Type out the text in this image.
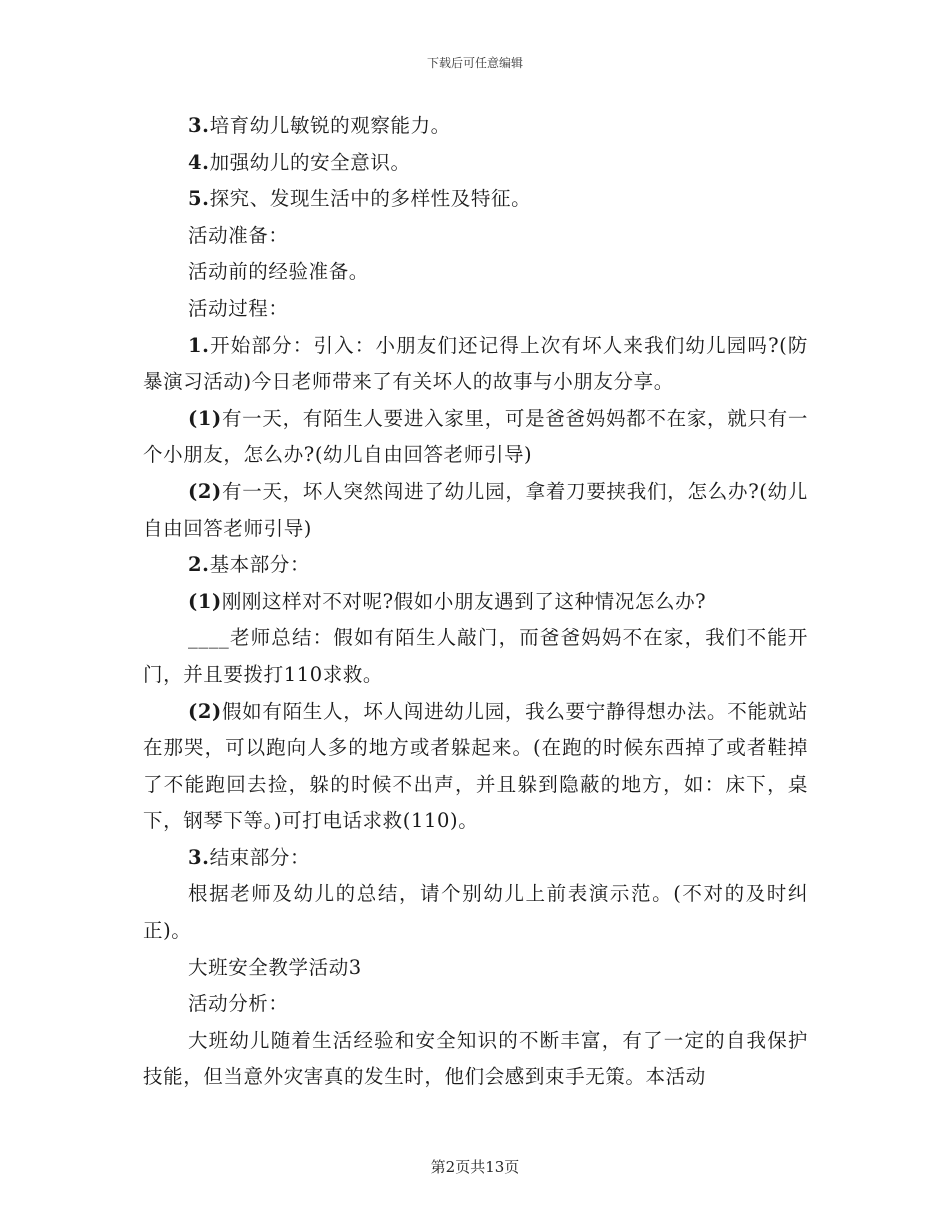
下载后可任意编辑

3.培育幼儿敏锐的观察能力。

4.加强幼儿的安全意识。

5.探究、发现生活中的多样性及特征。

活动准备：

活动前的经验准备。

活动过程：

1.开始部分：引入：小朋友们还记得上次有坏人来我们幼儿园吗?(防暴演习活动)今日老师带来了有关坏人的故事与小朋友分享。

(1)有一天，有陌生人要进入家里，可是爸爸妈妈都不在家，就只有一个小朋友，怎么办?(幼儿自由回答老师引导)

(2)有一天，坏人突然闯进了幼儿园，拿着刀要挟我们，怎么办?(幼儿自由回答老师引导)

2.基本部分：

(1)刚刚这样对不对呢?假如小朋友遇到了这种情况怎么办?

____老师总结：假如有陌生人敲门，而爸爸妈妈不在家，我们不能开门，并且要拨打110求救。

(2)假如有陌生人，坏人闯进幼儿园，我么要宁静得想办法。不能就站在那哭，可以跑向人多的地方或者躲起来。(在跑的时候东西掉了或者鞋掉了不能跑回去捡，躲的时候不出声，并且躲到隐蔽的地方，如：床下，桌下，钢琴下等。)可打电话求救(110)。

3.结束部分：

根据老师及幼儿的总结，请个别幼儿上前表演示范。(不对的及时纠正)。

大班安全教学活动3

活动分析：

大班幼儿随着生活经验和安全知识的不断丰富，有了一定的自我保护技能，但当意外灾害真的发生时，他们会感到束手无策。本活动

第2页共13页
